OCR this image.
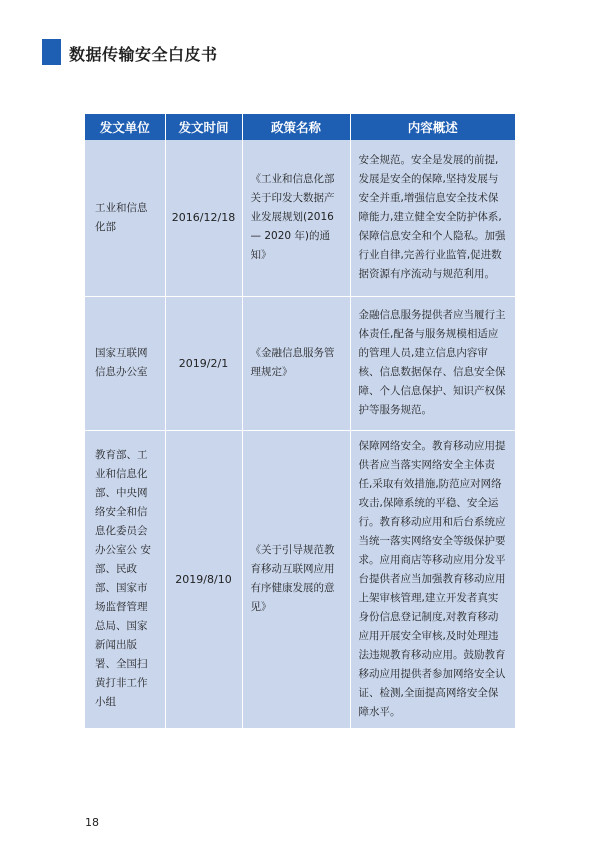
数据传输安全白皮书
发文单位	发文时间	政策名称	内容概述
工业和信息化部	2016/12/18	《工业和信息化部关于印发大数据产业发展规划(2016 — 2020 年)的通知》	安全规范。安全是发展的前提,发展是安全的保障,坚持发展与安全并重,增强信息安全技术保障能力,建立健全安全防护体系,保障信息安全和个人隐私。加强行业自律,完善行业监管,促进数据资源有序流动与规范利用。
国家互联网信息办公室	2019/2/1	《金融信息服务管理规定》	金融信息服务提供者应当履行主体责任,配备与服务规模相适应的管理人员,建立信息内容审核、信息数据保存、信息安全保障、个人信息保护、知识产权保护等服务规范。
教育部、工业和信息化部、中央网络安全和信息化委员会办公室公 安部、民政部、国家市场监督管理总局、国家新闻出版署、全国扫黄打非工作小组	2019/8/10	《关于引导规范教育移动互联网应用有序健康发展的意见》	保障网络安全。教育移动应用提供者应当落实网络安全主体责任,采取有效措施,防范应对网络攻击,保障系统的平稳、安全运行。教育移动应用和后台系统应当统一落实网络安全等级保护要求。应用商店等移动应用分发平台提供者应当加强教育移动应用上架审核管理,建立开发者真实身份信息登记制度,对教育移动应用开展安全审核,及时处理违法违规教育移动应用。鼓励教育移动应用提供者参加网络安全认证、检测,全面提高网络安全保障水平。
18
